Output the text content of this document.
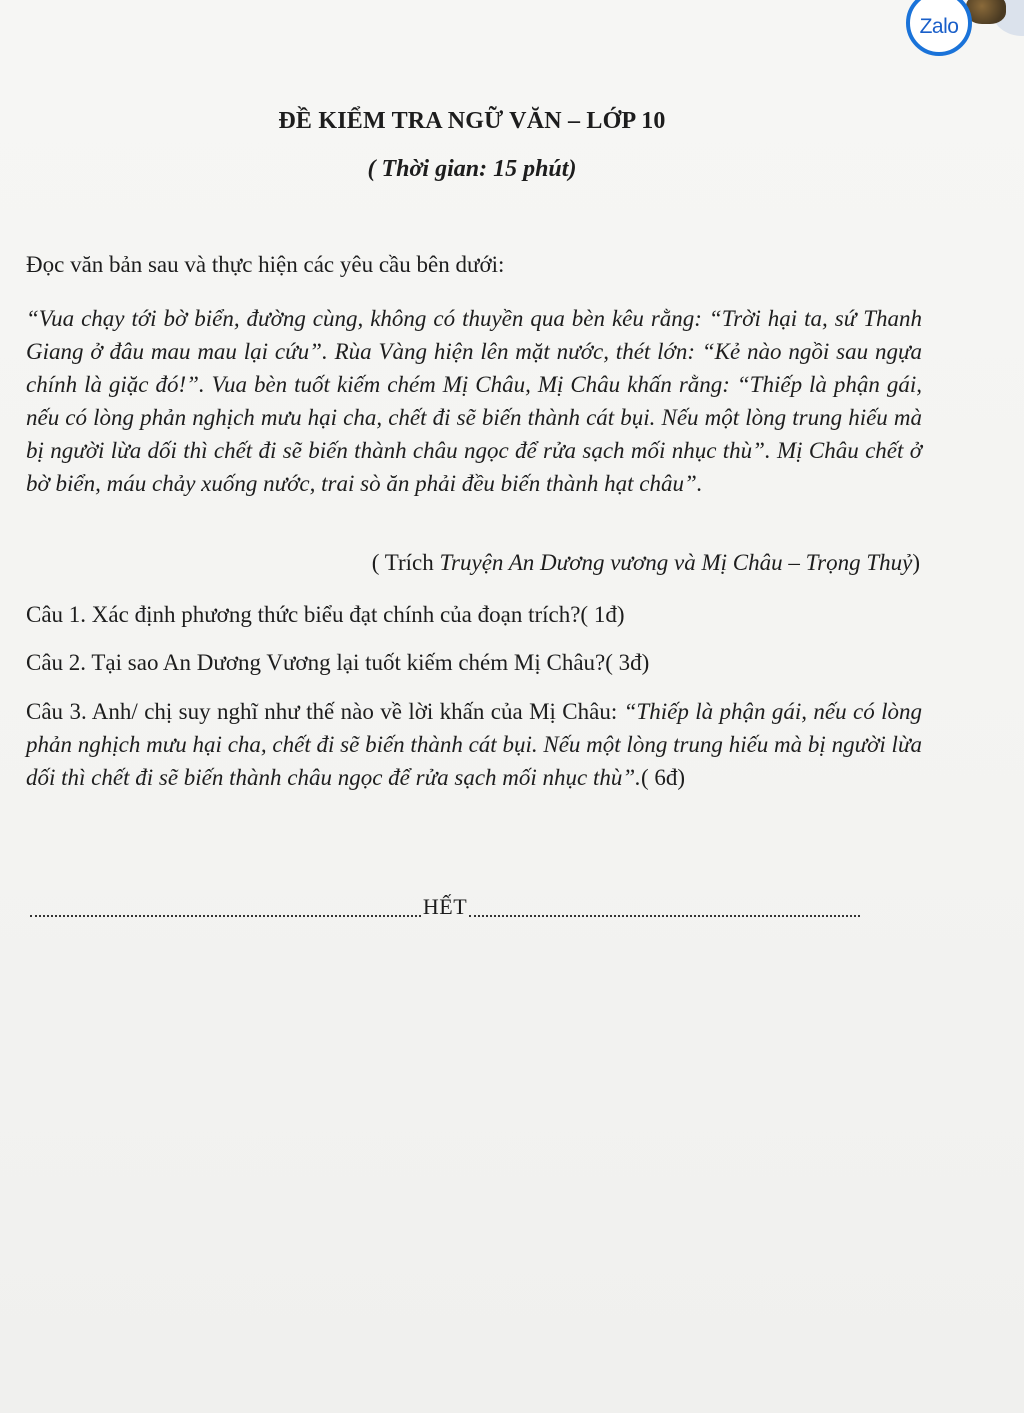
Zalo
ĐỀ KIỂM TRA NGỮ VĂN – LỚP 10
( Thời gian: 15 phút)
Đọc văn bản sau và thực hiện các yêu cầu bên dưới:
“Vua chạy tới bờ biển, đường cùng, không có thuyền qua bèn kêu rằng: “Trời hại ta, sứ Thanh Giang ở đâu mau mau lại cứu”. Rùa Vàng hiện lên mặt nước, thét lớn: “Kẻ nào ngồi sau ngựa chính là giặc đó!”. Vua bèn tuốt kiếm chém Mị Châu, Mị Châu khấn rằng: “Thiếp là phận gái, nếu có lòng phản nghịch mưu hại cha, chết đi sẽ biến thành cát bụi. Nếu một lòng trung hiếu mà bị người lừa dối thì chết đi sẽ biến thành châu ngọc để rửa sạch mối nhục thù”. Mị Châu chết ở bờ biển, máu chảy xuống nước, trai sò ăn phải đều biến thành hạt châu”.
( Trích Truyện An Dương vương và Mị Châu – Trọng Thuỷ)
Câu 1. Xác định phương thức biểu đạt chính của đoạn trích?( 1đ)
Câu 2. Tại sao An Dương Vương lại tuốt kiếm chém Mị Châu?( 3đ)
Câu 3. Anh/ chị suy nghĩ như thế nào về lời khấn của Mị Châu: “Thiếp là phận gái, nếu có lòng phản nghịch mưu hại cha, chết đi sẽ biến thành cát bụi. Nếu một lòng trung hiếu mà bị người lừa dối thì chết đi sẽ biến thành châu ngọc để rửa sạch mối nhục thù”.( 6đ)
HẾT
